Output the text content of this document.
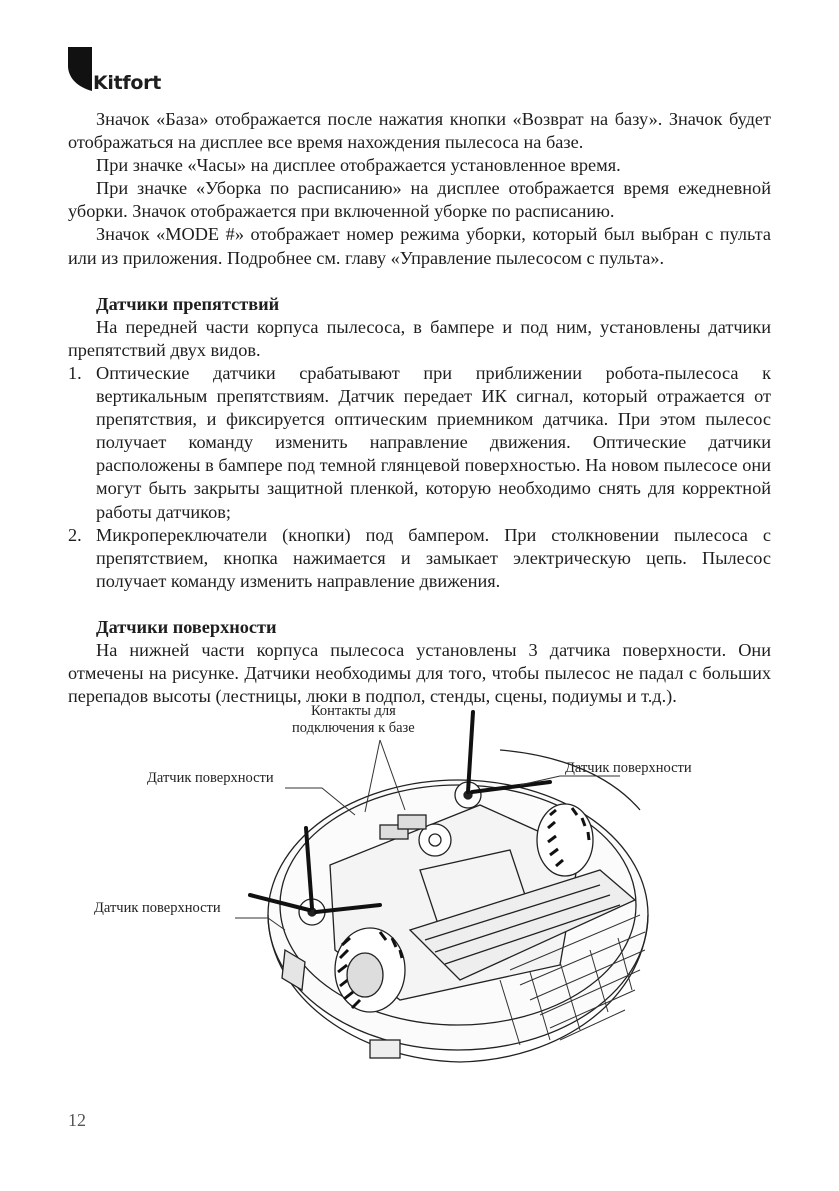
Kitfort

Значок «База» отображается после нажатия кнопки «Возврат на базу». Значок будет отображаться на дисплее все время нахождения пылесоса на базе.

При значке «Часы» на дисплее отображается установленное время.

При значке «Уборка по расписанию» на дисплее отображается время ежедневной уборки. Значок отображается при включенной уборке по расписанию.

Значок «MODE #» отображает номер режима уборки, который был выбран с пульта или из приложения. Подробнее см. главу «Управление пылесосом с пульта».

Датчики препятствий

На передней части корпуса пылесоса, в бампере и под ним, установлены датчики препятствий двух видов.

1. Оптические датчики срабатывают при приближении робота-пылесоса к вертикальным препятствиям. Датчик передает ИК сигнал, который отражается от препятствия, и фиксируется оптическим приемником датчика. При этом пылесос получает команду изменить направление движения. Оптические датчики расположены в бампере под темной глянцевой поверхностью. На новом пылесосе они могут быть закрыты защитной пленкой, которую необходимо снять для корректной работы датчиков;
2. Микропереключатели (кнопки) под бампером. При столкновении пылесоса с препятствием, кнопка нажимается и замыкает электрическую цепь. Пылесос получает команду изменить направление движения.
Датчики поверхности

На нижней части корпуса пылесоса установлены 3 датчика поверхности. Они отмечены на рисунке. Датчики необходимы для того, чтобы пылесос не падал с больших перепадов высоты (лестницы, люки в подпол, стенды, сцены, подиумы и т.д.).

Контакты для
подключения к базе
Датчик поверхности
Датчик поверхности
Датчик поверхности
12
